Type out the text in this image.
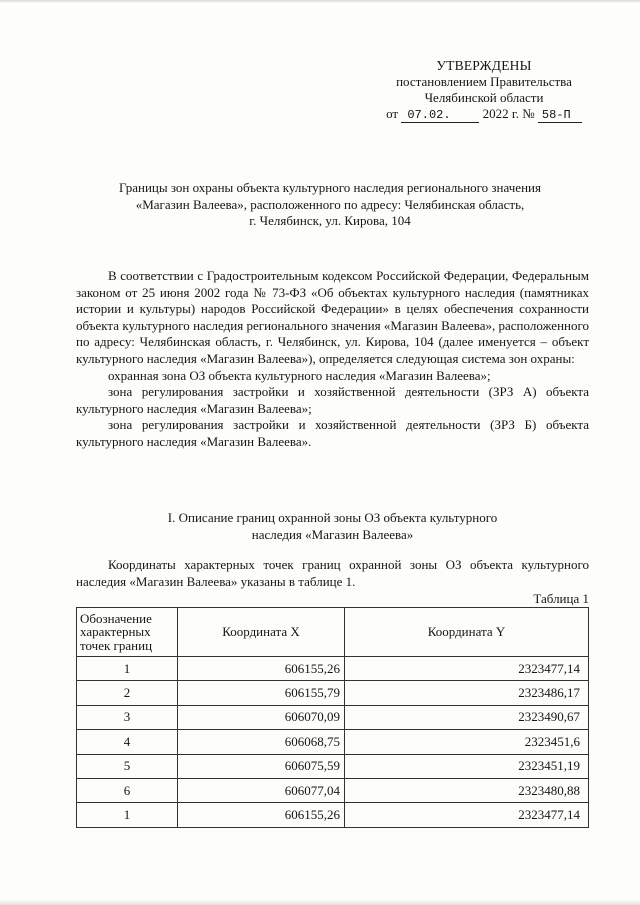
УТВЕРЖДЕНЫ
постановлением Правительства
Челябинской области
от 07.02. 2022 г. № 58-П
Границы зон охраны объекта культурного наследия регионального значения
«Магазин Валеева», расположенного по адресу: Челябинская область,
г. Челябинск, ул. Кирова, 104

В соответствии с Градостроительным кодексом Российской Федерации, Федеральным законом от 25 июня 2002 года № 73-ФЗ «Об объектах культурного наследия (памятниках истории и культуры) народов Российской Федерации» в целях обеспечения сохранности объекта культурного наследия регионального значения «Магазин Валеева», расположенного по адресу: Челябинская область, г. Челябинск, ул. Кирова, 104 (далее именуется – объект культурного наследия «Магазин Валеева»), определяется следующая система зон охраны:

охранная зона ОЗ объекта культурного наследия «Магазин Валеева»;

зона регулирования застройки и хозяйственной деятельности (ЗРЗ А) объекта культурного наследия «Магазин Валеева»;

зона регулирования застройки и хозяйственной деятельности (ЗРЗ Б) объекта культурного наследия «Магазин Валеева».

I. Описание границ охранной зоны ОЗ объекта культурного
наследия «Магазин Валеева»

Координаты характерных точек границ охранной зоны ОЗ объекта культурного наследия «Магазин Валеева» указаны в таблице 1.

Таблица 1
Обозначение характерных точек границ	Координата X	Координата Y
1	606155,26	2323477,14
2	606155,79	2323486,17
3	606070,09	2323490,67
4	606068,75	2323451,6
5	606075,59	2323451,19
6	606077,04	2323480,88
1	606155,26	2323477,14
